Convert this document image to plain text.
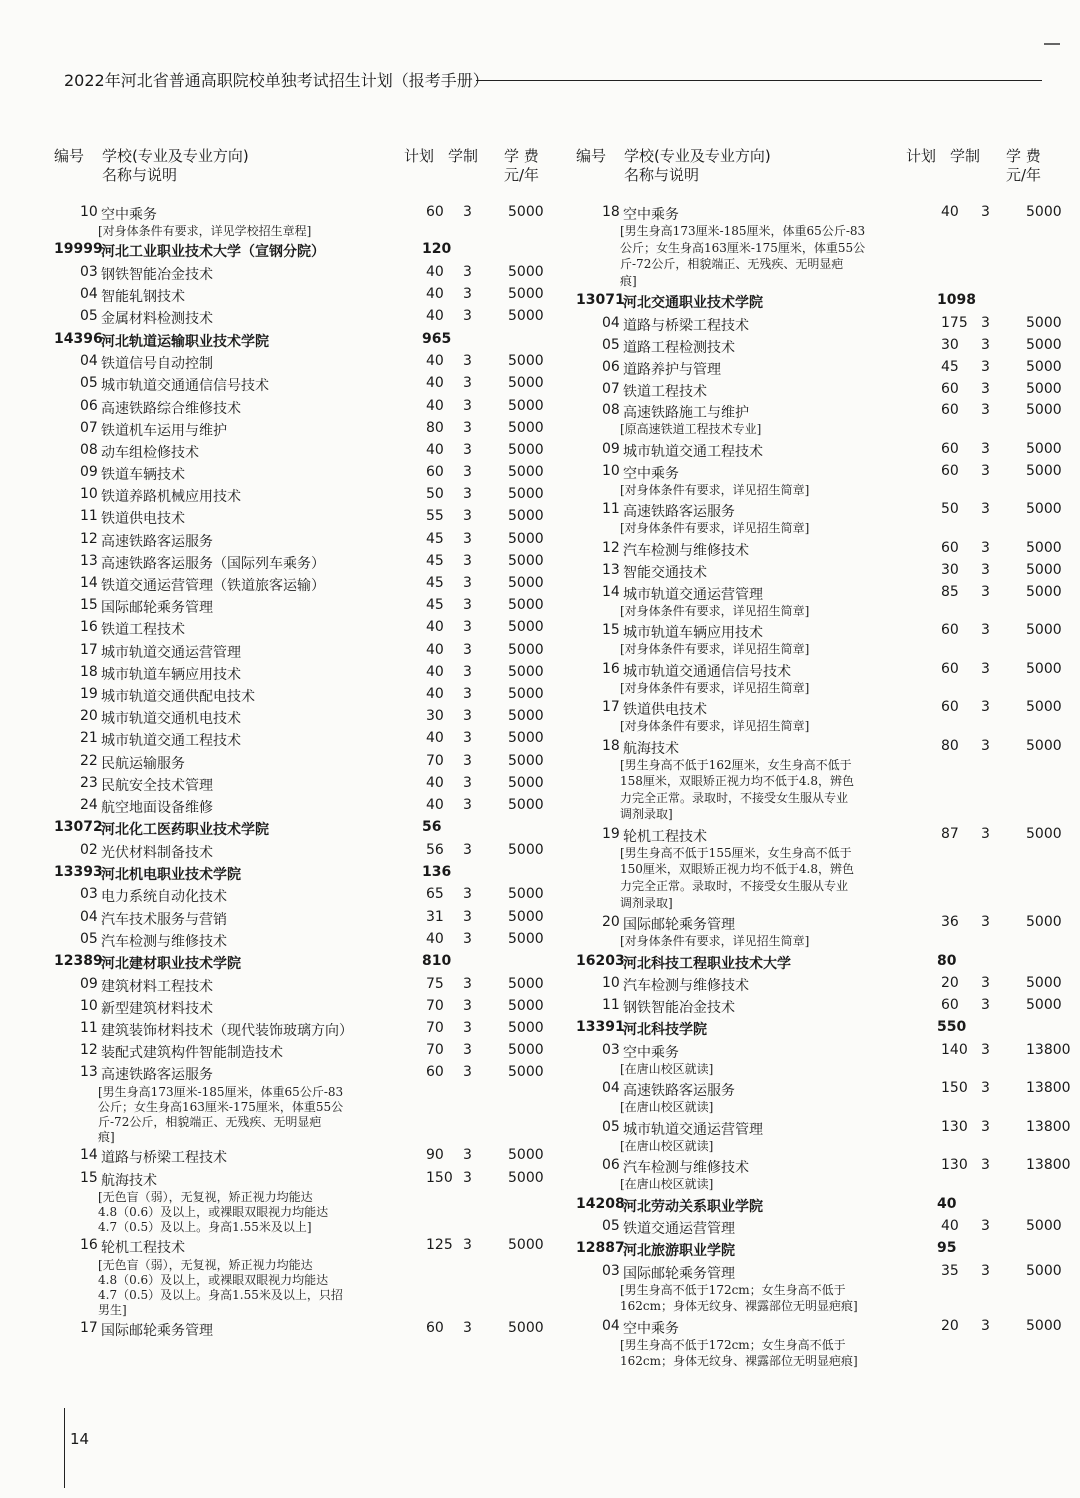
2022年河北省普通高职院校单独考试招生计划（报考手册）
编号 学校(专业及专业方向)
名称与说明
计划 学制 学 费
元/年
10 空中乘务	60 3	5000
[对身体条件有要求，详见学校招生章程]
19999
河北工业职业技术大学（宣钢分院）	120
03 钢铁智能冶金技术	40 3	5000
04 智能轧钢技术	40 3	5000
05 金属材料检测技术	40 3	5000
14396
河北轨道运输职业技术学院	965
04 铁道信号自动控制	40 3	5000
05 城市轨道交通通信信号技术	40 3	5000
06 高速铁路综合维修技术	40 3	5000
07 铁道机车运用与维护	80 3	5000
08 动车组检修技术	40 3	5000
09 铁道车辆技术	60 3	5000
10 铁道养路机械应用技术	50 3	5000
11 铁道供电技术	55 3	5000
12 高速铁路客运服务	45 3	5000
13 高速铁路客运服务（国际列车乘务）	45 3	5000
14 铁道交通运营管理（铁道旅客运输）	45 3	5000
15 国际邮轮乘务管理	45 3	5000
16 铁道工程技术	40 3	5000
17 城市轨道交通运营管理	40 3	5000
18 城市轨道车辆应用技术	40 3	5000
19 城市轨道交通供配电技术	40 3	5000
20 城市轨道交通机电技术	30 3	5000
21 城市轨道交通工程技术	40 3	5000
22 民航运输服务	70 3	5000
23 民航安全技术管理	40 3	5000
24 航空地面设备维修	40 3	5000
13072
河北化工医药职业技术学院	56
02 光伏材料制备技术	56 3	5000
13393
河北机电职业技术学院	136
03 电力系统自动化技术	65 3	5000
04 汽车技术服务与营销	31 3	5000
05 汽车检测与维修技术	40 3	5000
12389
河北建材职业技术学院	810
09 建筑材料工程技术	75 3	5000
10 新型建筑材料技术	70 3	5000
11 建筑装饰材料技术（现代装饰玻璃方向）	70 3	5000
12 装配式建筑构件智能制造技术	70 3	5000
13 高速铁路客运服务	60 3	5000
[男生身高173厘米-185厘米，体重65公斤-83
公斤；女生身高163厘米-175厘米，体重55公
斤-72公斤，相貌端正、无残疾、无明显疤
痕]
14 道路与桥梁工程技术	90 3	5000
15 航海技术	150 3	5000
[无色盲（弱），无复视，矫正视力均能达
4.8（0.6）及以上，或裸眼双眼视力均能达
4.7（0.5）及以上。身高1.55米及以上]
16 轮机工程技术	125 3	5000
[无色盲（弱），无复视，矫正视力均能达
4.8（0.6）及以上，或裸眼双眼视力均能达
4.7（0.5）及以上。身高1.55米及以上，只招
男生]
17 国际邮轮乘务管理	60 3	5000
编号 学校(专业及专业方向)
名称与说明
计划 学制 学 费
元/年
18 空中乘务	40 3	5000
[男生身高173厘米-185厘米，体重65公斤-83
公斤；女生身高163厘米-175厘米，体重55公
斤-72公斤，相貌端正、无残疾、无明显疤
痕]
13071
河北交通职业技术学院	1098
04 道路与桥梁工程技术	175 3	5000
05 道路工程检测技术	30 3	5000
06 道路养护与管理	45 3	5000
07 铁道工程技术	60 3	5000
08 高速铁路施工与维护	60 3	5000
[原高速铁道工程技术专业]
09 城市轨道交通工程技术	60 3	5000
10 空中乘务	60 3	5000
[对身体条件有要求，详见招生简章]
11 高速铁路客运服务	50 3	5000
[对身体条件有要求，详见招生简章]
12 汽车检测与维修技术	60 3	5000
13 智能交通技术	30 3	5000
14 城市轨道交通运营管理	85 3	5000
[对身体条件有要求，详见招生简章]
15 城市轨道车辆应用技术	60 3	5000
[对身体条件有要求，详见招生简章]
16 城市轨道交通通信信号技术	60 3	5000
[对身体条件有要求，详见招生简章]
17 铁道供电技术	60 3	5000
[对身体条件有要求，详见招生简章]
18 航海技术	80 3	5000
[男生身高不低于162厘米，女生身高不低于
158厘米，双眼矫正视力均不低于4.8，辨色
力完全正常。录取时，不接受女生服从专业
调剂录取]
19 轮机工程技术	87 3	5000
[男生身高不低于155厘米，女生身高不低于
150厘米，双眼矫正视力均不低于4.8，辨色
力完全正常。录取时，不接受女生服从专业
调剂录取]
20 国际邮轮乘务管理	36 3	5000
[对身体条件有要求，详见招生简章]
16203
河北科技工程职业技术大学	80
10 汽车检测与维修技术	20 3	5000
11 钢铁智能冶金技术	60 3	5000
13391
河北科技学院	550
03 空中乘务	140 3	13800
[在唐山校区就读]
04 高速铁路客运服务	150 3	13800
[在唐山校区就读]
05 城市轨道交通运营管理	130 3	13800
[在唐山校区就读]
06 汽车检测与维修技术	130 3	13800
[在唐山校区就读]
14208
河北劳动关系职业学院	40
05 铁道交通运营管理	40 3	5000
12887
河北旅游职业学院	95
03 国际邮轮乘务管理	35 3	5000
[男生身高不低于172cm；女生身高不低于
162cm；身体无纹身、裸露部位无明显疤痕]
04 空中乘务	20 3	5000
[男生身高不低于172cm；女生身高不低于
162cm；身体无纹身、裸露部位无明显疤痕]
14
